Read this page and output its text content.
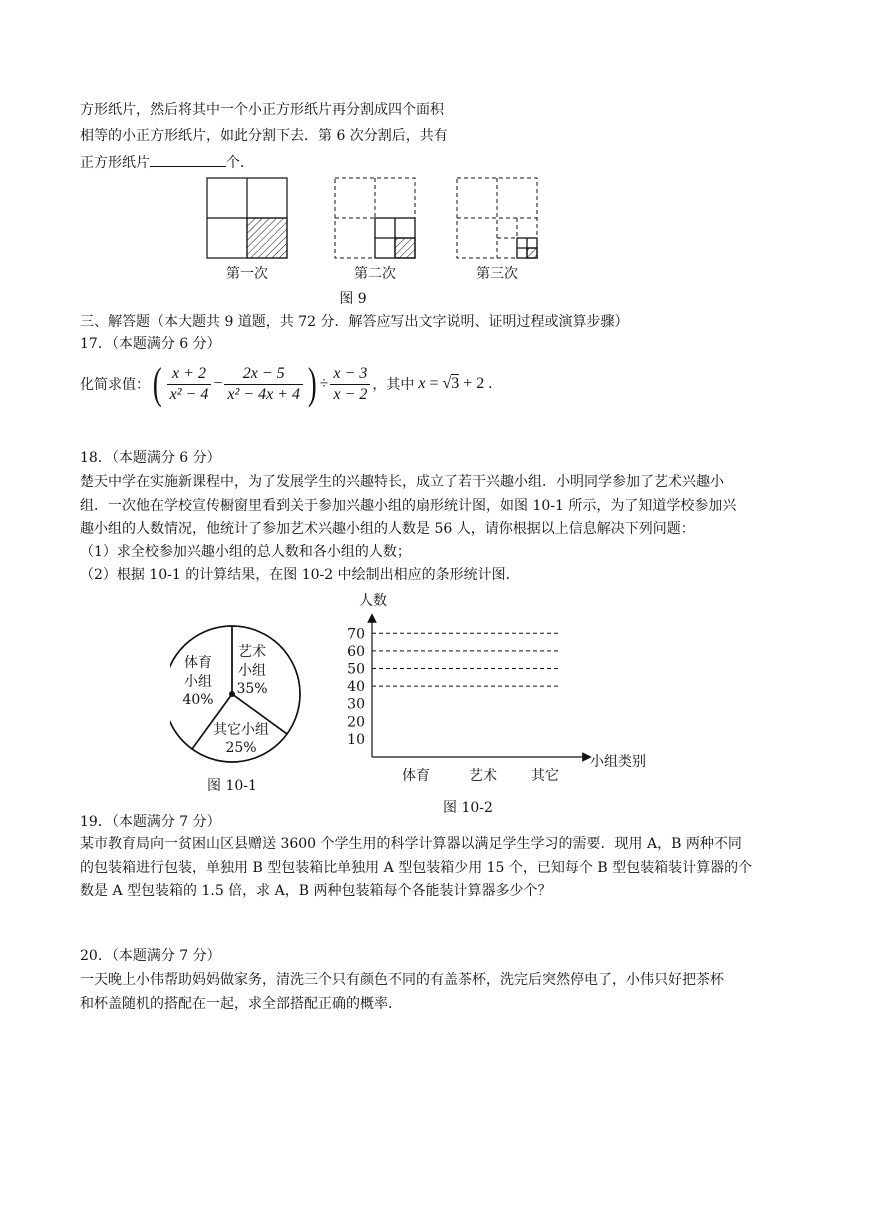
方形纸片，然后将其中一个小正方形纸片再分割成四个面积
相等的小正方形纸片，如此分割下去．第 6 次分割后，共有
正方形纸片	个．
第一次	第二次	第三次
图 9
三、解答题（本大题共 9 道题，共 72 分．解答应写出文字说明、证明过程或演算步骤）
17．（本题满分 6 分）
化简求值：( $\frac{x + 2}{\text{x² − 4}} - \frac{2x - 5}{\text{x² − 4x + 4}}$ ) ÷ $\frac{x - 3}{x - 2}$ ，其中 x = √3 + 2 .
18．（本题满分 6 分）
楚天中学在实施新课程中，为了发展学生的兴趣特长，成立了若干兴趣小组．小明同学参加了艺术兴趣小
组．一次他在学校宣传橱窗里看到关于参加兴趣小组的扇形统计图，如图 10-1 所示，为了知道学校参加兴
趣小组的人数情况，他统计了参加艺术兴趣小组的人数是 56 人，请你根据以上信息解决下列问题：
（1）求全校参加兴趣小组的总人数和各小组的人数；
（2）根据 10-1 的计算结果，在图 10-2 中绘制出相应的条形统计图．
体育
小组
40%
艺术
小组
35%
其它小组
25%
图 10-1
人数
小组类别
10
20
30
40
50
60
70
体育	艺术 其它
图 10-2
19．（本题满分 7 分）
某市教育局向一贫困山区县赠送 3600 个学生用的科学计算器以满足学生学习的需要．现用 A，B 两种不同
的包装箱进行包装，单独用 B 型包装箱比单独用 A 型包装箱少用 15 个，已知每个 B 型包装箱装计算器的个
数是 A 型包装箱的 1.5 倍，求 A，B 两种包装箱每个各能装计算器多少个？
20．（本题满分 7 分）
一天晚上小伟帮助妈妈做家务，清洗三个只有颜色不同的有盖茶杯，洗完后突然停电了，小伟只好把茶杯
和杯盖随机的搭配在一起，求全部搭配正确的概率．
